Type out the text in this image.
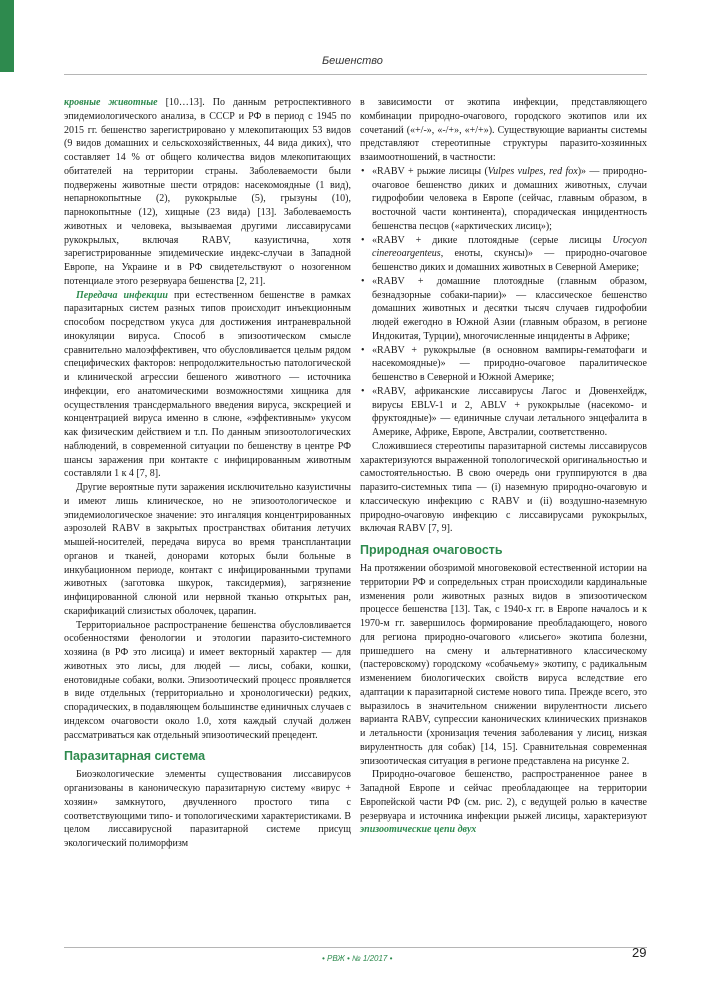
Бешенство

кровные животные [10…13]. По данным ретроспективного эпидемиологического анализа, в СССР и РФ в период с 1945 по 2015 гг. бешенство зарегистрировано у млекопитающих 53 видов (9 видов домашних и сельскохозяйственных, 44 вида диких), что составляет 14 % от общего количества видов млекопитающих обитателей на территории страны. Заболеваемости были подвержены животные шести отрядов: насекомоядные (1 вид), непарнокопытные (2), рукокрылые (5), грызуны (10), парнокопытные (12), хищные (23 вида) [13]. Заболеваемость животных и человека, вызываемая другими лиссавирусами рукокрылых, включая RABV, казуистична, хотя зарегистрированные эпидемические индекс-случаи в Западной Европе, на Украине и в РФ свидетельствуют о нозогенном потенциале этого резервуара бешенства [2, 21].

Передача инфекции при естественном бешенстве в рамках паразитарных систем разных типов происходит инъекционным способом посредством укуса для достижения интраневральной инокуляции вируса. Способ в эпизоотическом смысле сравнительно малоэффективен, что обусловливается целым рядом специфических факторов: непродолжительностью патологической и клинической агрессии бешеного животного — источника инфекции, его анатомическими возможностями хищника для осуществления трансдермального введения вируса, экскрецией и концентрацией вируса именно в слюне, «эффективным» укусом как физическим действием и т.п. По данным эпизоотологических наблюдений, в современной ситуации по бешенству в центре РФ шансы заражения при контакте с инфицированным животным составляли 1 к 4 [7, 8].

Другие вероятные пути заражения исключительно казуистичны и имеют лишь клиническое, но не эпизоотологическое и эпидемиологическое значение: это ингаляция концентрированных аэрозолей RABV в закрытых пространствах обитания летучих мышей-носителей, передача вируса во время трансплантации органов и тканей, донорами которых были больные в инкубационном периоде, контакт с инфицированными трупами животных (заготовка шкурок, таксидермия), загрязнение инфицированной слюной или нервной тканью открытых ран, скарификаций слизистых оболочек, царапин.

Территориальное распространение бешенства обусловливается особенностями фенологии и этологии паразито-системного хозяина (в РФ это лисица) и имеет векторный характер — для животных это лисы, для людей — лисы, собаки, кошки, енотовидные собаки, волки. Эпизоотический процесс проявляется в виде отдельных (территориально и хронологически) редких, спорадических, в подавляющем большинстве единичных случаев с индексом очаговости около 1.0, хотя каждый случай должен рассматриваться как отдельный эпизоотический прецедент.

Паразитарная система

Биоэкологические элементы существования лиссавирусов организованы в каноническую паразитарную систему «вирус + хозяин» замкнутого, двучленного простого типа с соответствующими типо- и топологическими характеристиками. В целом лиссавирусной паразитарной системе присущ экологический полиморфизм

в зависимости от экотипа инфекции, представляющего комбинации природно-очагового, городского экотипов или их сочетаний («+/-», «-/+», «+/+»). Существующие варианты системы представляют стереотипные структуры паразито-хозяинных взаимоотношений, в частности:

• «RABV + рыжие лисицы (Vulpes vulpes, red fox)» — природно-очаговое бешенство диких и домашних животных, случаи гидрофобии человека в Европе (сейчас, главным образом, в восточной части континента), спорадическая инцидентность бешенства песцов («арктических лисиц»);
• «RABV + дикие плотоядные (серые лисицы Urocyon cinereoargenteus, еноты, скунсы)» — природно-очаговое бешенство диких и домашних животных в Северной Америке;
• «RABV + домашние плотоядные (главным образом, безнадзорные собаки-парии)» — классическое бешенство домашних животных и десятки тысяч случаев гидрофобии людей ежегодно в Южной Азии (главным образом, в регионе Индокитая, Турции), многочисленные инциденты в Африке;
• «RABV + рукокрылые (в основном вампиры-гематофаги и насекомоядные)» — природно-очаговое паралитическое бешенство в Северной и Южной Америке;
• «RABV, африканские лиссавирусы Лагос и Дювенхейдж, вирусы EBLV-1 и 2, ABLV + рукокрылые (насекомо- и фруктоядные)» — единичные случаи летального энцефалита в Америке, Африке, Европе, Австралии, соответственно.

Сложившиеся стереотипы паразитарной системы лиссавирусов характеризуются выраженной топологической оригинальностью и самостоятельностью. В свою очередь они группируются в два паразито-системных типа — (i) наземную природно-очаговую и классическую инфекцию с RABV и (ii) воздушно-наземную природно-очаговую инфекцию с лиссавирусами рукокрылых, включая RABV [7, 9].

Природная очаговость

На протяжении обозримой многовековой естественной истории на территории РФ и сопредельных стран происходили кардинальные изменения роли животных разных видов в эпизоотическом процессе бешенства [13]. Так, с 1940-х гг. в Европе началось и к 1970-м гг. завершилось формирование преобладающего, нового для региона природно-очагового «лисьего» экотипа болезни, пришедшего на смену и альтернативного классическому (пастеровскому) городскому «собачьему» экотипу, с радикальным изменением биологических свойств вируса вследствие его адаптации к паразитарной системе нового типа. Прежде всего, это выразилось в значительном снижении вирулентности лисьего варианта RABV, супрессии канонических клинических признаков и летальности (хронизация течения заболевания у лисиц, низкая вирулентность для собак) [14, 15]. Сравнительная современная эпизоотическая ситуация в регионе представлена на рисунке 2.

Природно-очаговое бешенство, распространенное ранее в Западной Европе и сейчас преобладающее на территории Европейской части РФ (см. рис. 2), с ведущей ролью в качестве резервуара и источника инфекции рыжей лисицы, характеризуют эпизоотические цепи двух

• РВЖ • № 1/2017 •	29
